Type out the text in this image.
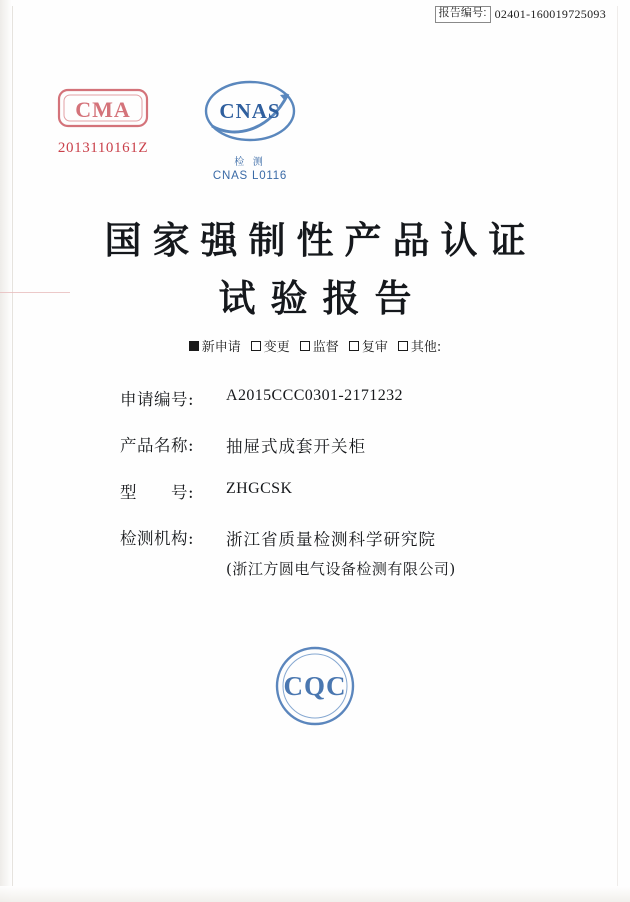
报告编号: 02401-160019725093
CMA
2013110161Z
CNAS
检 测
CNAS L0116
国家强制性产品认证
试验报告
新申请 变更 监督 复审 其他:
申请编号:	A2015CCC0301-2171232
产品名称:	抽屉式成套开关柜
型　　号:	ZHGCSK
检测机构:	浙江省质量检测科学研究院
(浙江方圆电气设备检测有限公司)
CQC
